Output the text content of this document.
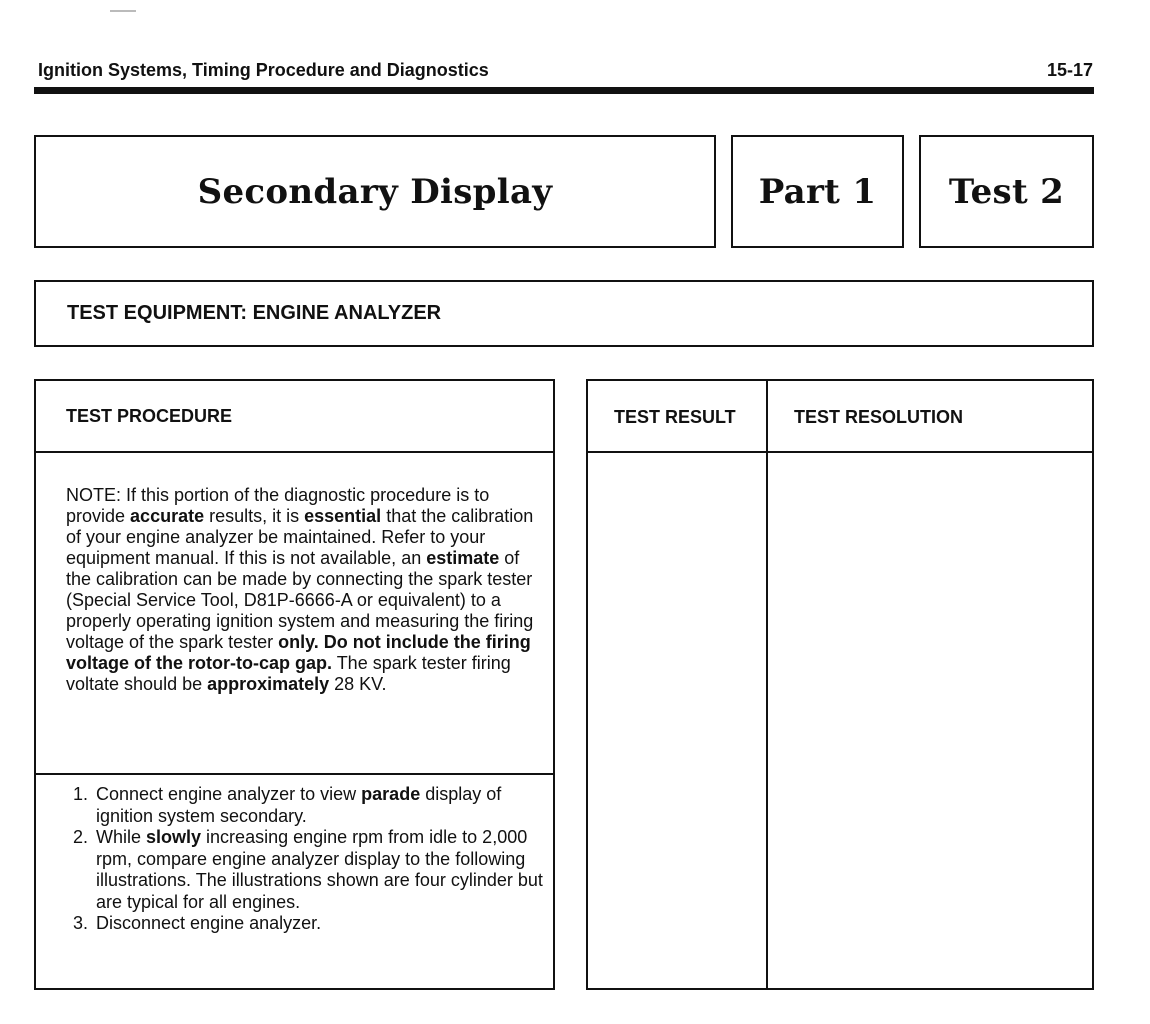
Ignition Systems, Timing Procedure and Diagnostics	15-17
Secondary Display	Part 1 Test 2
TEST EQUIPMENT: ENGINE ANALYZER
TEST PROCEDURE
NOTE: If this portion of the diagnostic procedure is to provide accurate results, it is essential that the calibration of your engine analyzer be maintained. Refer to your equipment manual. If this is not available, an estimate of the calibration can be made by connecting the spark tester (Special Service Tool, D81P-6666-A or equivalent) to a properly operating ignition system and measuring the firing voltage of the spark tester only. Do not include the firing voltage of the rotor-to-cap gap. The spark tester firing voltate should be approximately 28 KV.
1. Connect engine analyzer to view parade display of ignition system secondary.
2. While slowly increasing engine rpm from idle to 2,000 rpm, compare engine analyzer display to the following illustrations. The illustrations shown are four cylinder but are typical for all engines.
3. Disconnect engine analyzer.
TEST RESULT	TEST RESOLUTION
